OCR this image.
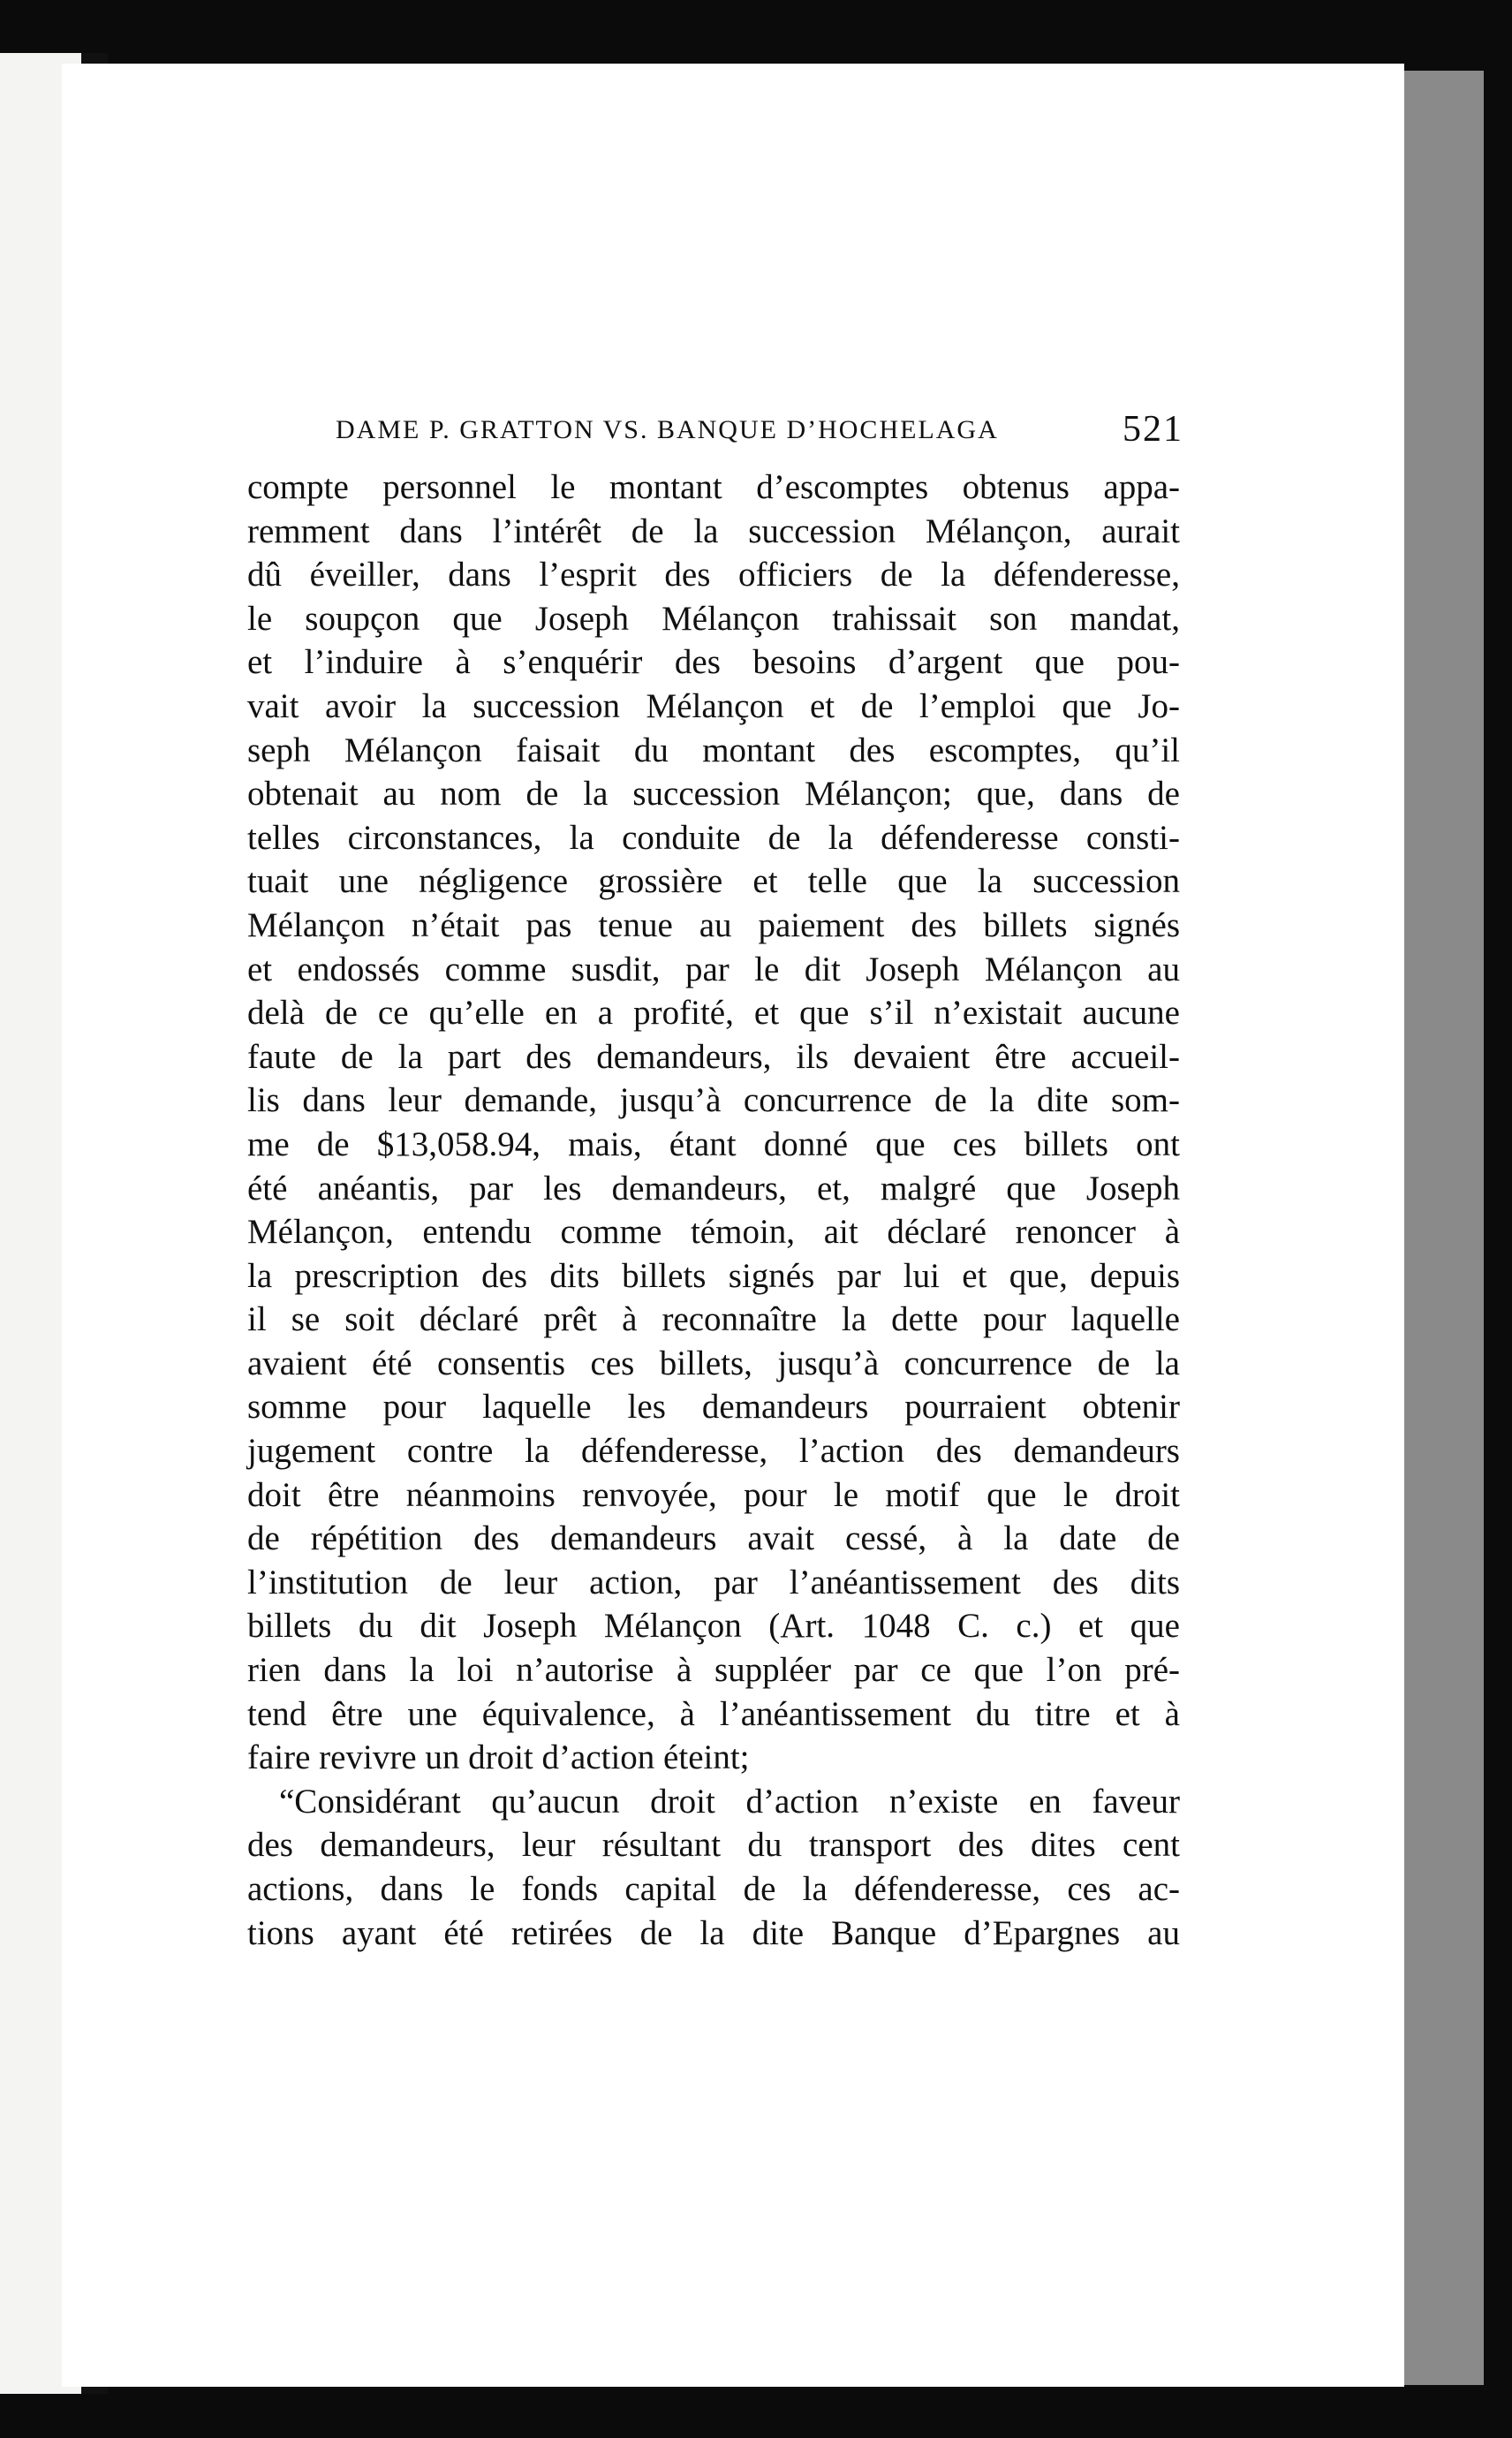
DAME P. GRATTON VS. BANQUE D’HOCHELAGA	521

compte personnel le montant d’escomptes obtenus appa-
remment dans l’intérêt de la succession Mélançon, aurait
dû éveiller, dans l’esprit des officiers de la défenderesse,
le soupçon que Joseph Mélançon trahissait son mandat,
et l’induire à s’enquérir des besoins d’argent que pou-
vait avoir la succession Mélançon et de l’emploi que Jo-
seph Mélançon faisait du montant des escomptes, qu’il
obtenait au nom de la succession Mélançon; que, dans de
telles circonstances, la conduite de la défenderesse consti-
tuait une négligence grossière et telle que la succession
Mélançon n’était pas tenue au paiement des billets signés
et endossés comme susdit, par le dit Joseph Mélançon au
delà de ce qu’elle en a profité, et que s’il n’existait aucune
faute de la part des demandeurs, ils devaient être accueil-
lis dans leur demande, jusqu’à concurrence de la dite som-
me de $13,058.94, mais, étant donné que ces billets ont
été anéantis, par les demandeurs, et, malgré que Joseph
Mélançon, entendu comme témoin, ait déclaré renoncer à
la prescription des dits billets signés par lui et que, depuis
il se soit déclaré prêt à reconnaître la dette pour laquelle
avaient été consentis ces billets, jusqu’à concurrence de la
somme pour laquelle les demandeurs pourraient obtenir
jugement contre la défenderesse, l’action des demandeurs
doit être néanmoins renvoyée, pour le motif que le droit
de répétition des demandeurs avait cessé, à la date de
l’institution de leur action, par l’anéantissement des dits
billets du dit Joseph Mélançon (Art. 1048 C. c.) et que
rien dans la loi n’autorise à suppléer par ce que l’on pré-
tend être une équivalence, à l’anéantissement du titre et à
faire revivre un droit d’action éteint;

“Considérant qu’aucun droit d’action n’existe en faveur
des demandeurs, leur résultant du transport des dites cent
actions, dans le fonds capital de la défenderesse, ces ac-
tions ayant été retirées de la dite Banque d’Epargnes au
